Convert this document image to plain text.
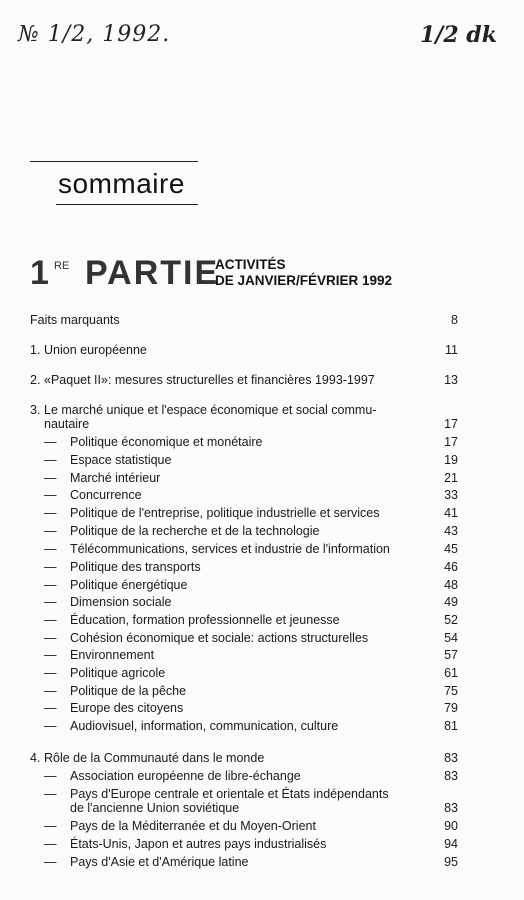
№ 1/2, 1992.	1/2 dk
sommaire
1 RE PARTIE
ACTIVITÉS
DE JANVIER/FÉVRIER 1992
Faits marquants	8
1. Union européenne	11
2. «Paquet II»: mesures structurelles et financières 1993-1997	13
3. Le marché unique et l'espace économique et social commu-
nautaire	17
— Politique économique et monétaire	17
— Espace statistique	19
— Marché intérieur	21
— Concurrence	33
— Politique de l'entreprise, politique industrielle et services	41
— Politique de la recherche et de la technologie	43
— Télécommunications, services et industrie de l'information	45
— Politique des transports	46
— Politique énergétique	48
— Dimension sociale	49
— Éducation, formation professionnelle et jeunesse	52
— Cohésion économique et sociale: actions structurelles	54
— Environnement	57
— Politique agricole	61
— Politique de la pêche	75
— Europe des citoyens	79
— Audiovisuel, information, communication, culture	81
4. Rôle de la Communauté dans le monde	83
— Association européenne de libre-échange	83
— Pays d'Europe centrale et orientale et États indépendants
de l'ancienne Union soviétique	83
— Pays de la Méditerranée et du Moyen-Orient	90
— États-Unis, Japon et autres pays industrialisés	94
— Pays d'Asie et d'Amérique latine	95
